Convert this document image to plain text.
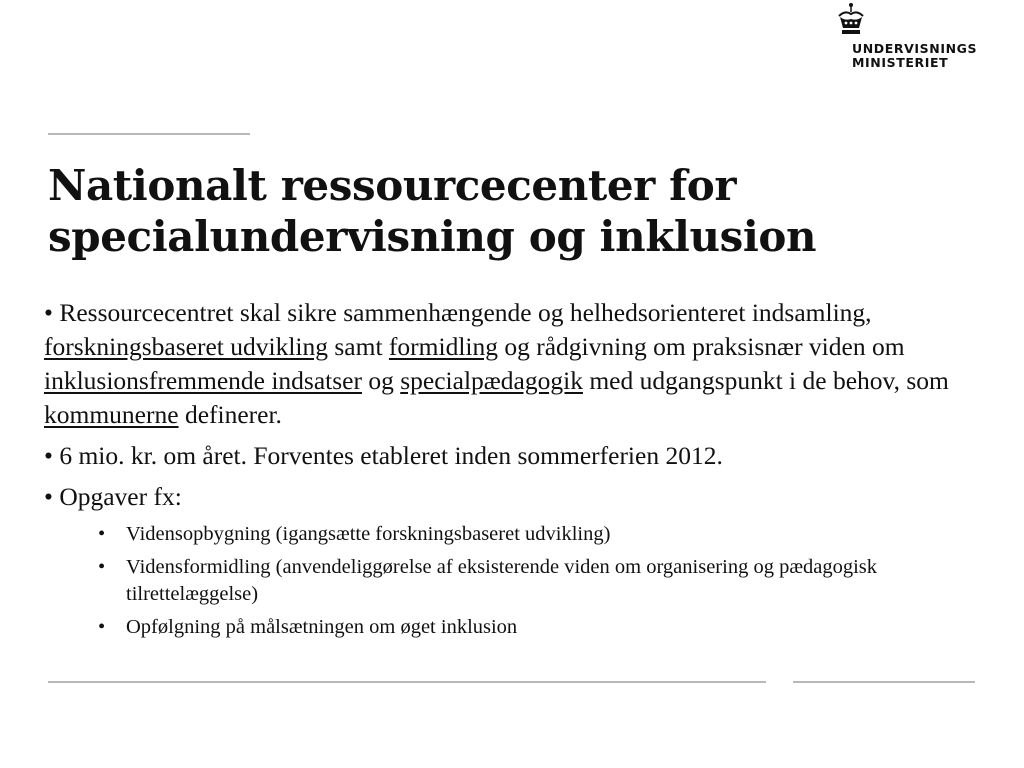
UNDERVISNINGS
MINISTERIET
Nationalt ressourcecenter for
specialundervisning og inklusion

• Ressourcecentret skal sikre sammenhængende og helhedsorienteret indsamling, forskningsbaseret udvikling samt formidling og rådgivning om praksisnær viden om inklusionsfremmende indsatser og specialpædagogik med udgangspunkt i de behov, som kommunerne definerer.

• 6 mio. kr. om året. Forventes etableret inden sommerferien 2012.

• Opgaver fx:

• Vidensopbygning (igangsætte forskningsbaseret udvikling)
• Vidensformidling (anvendeliggørelse af eksisterende viden om organisering og pædagogisk tilrettelæggelse)
• Opfølgning på målsætningen om øget inklusion
